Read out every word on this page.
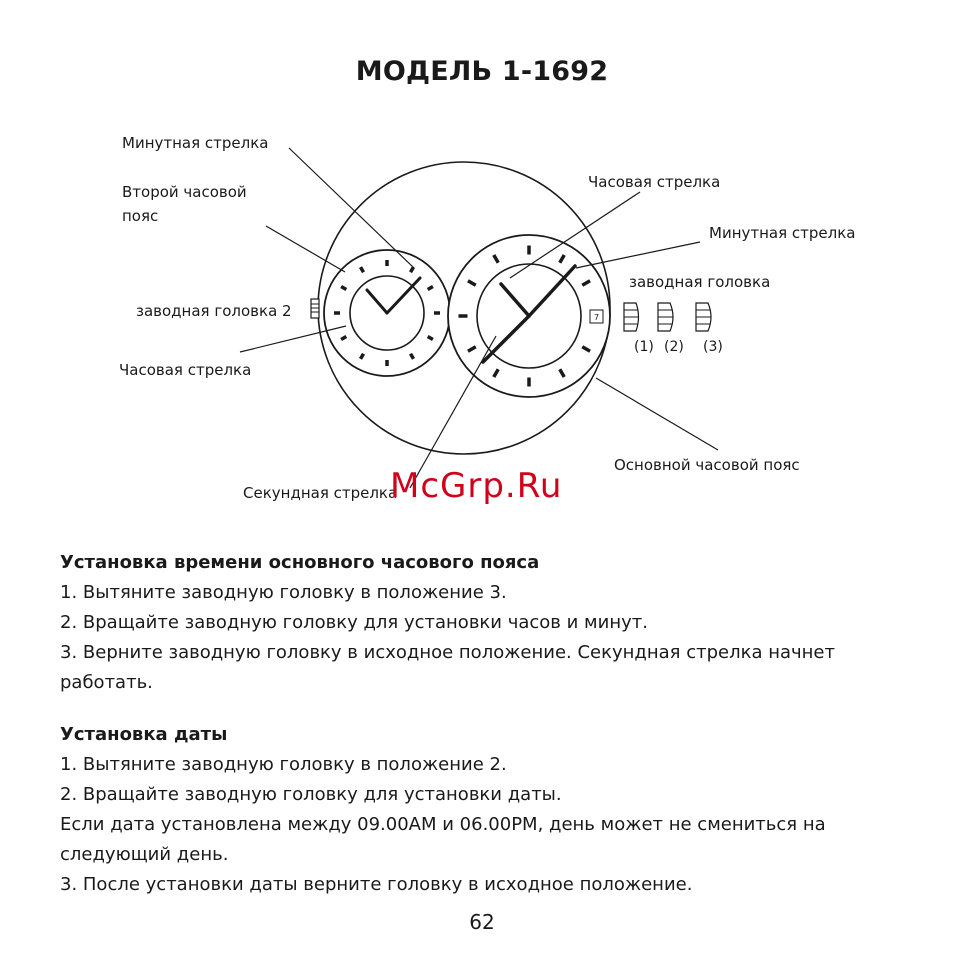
МОДЕЛЬ 1-1692
7
Минутная стрелка
Второй часовой
пояс
заводная головка 2
Часовая стрелка
Секундная стрелка
Часовая стрелка
Минутная стрелка
заводная головка
Основной часовой пояс
(1) (2) (3)
McGrp.Ru
Установка времени основного часового пояса

1. Вытяните заводную головку в положение 3.

2. Вращайте заводную головку для установки часов и минут.

3. Верните заводную головку в исходное положение. Секундная стрелка начнет работать.

Установка даты

1. Вытяните заводную головку в положение 2.

2. Вращайте заводную головку для установки даты.

Если дата установлена между 09.00AM и 06.00PM, день может не смениться на следующий день.

3. После установки даты верните головку в исходное положение.

62
